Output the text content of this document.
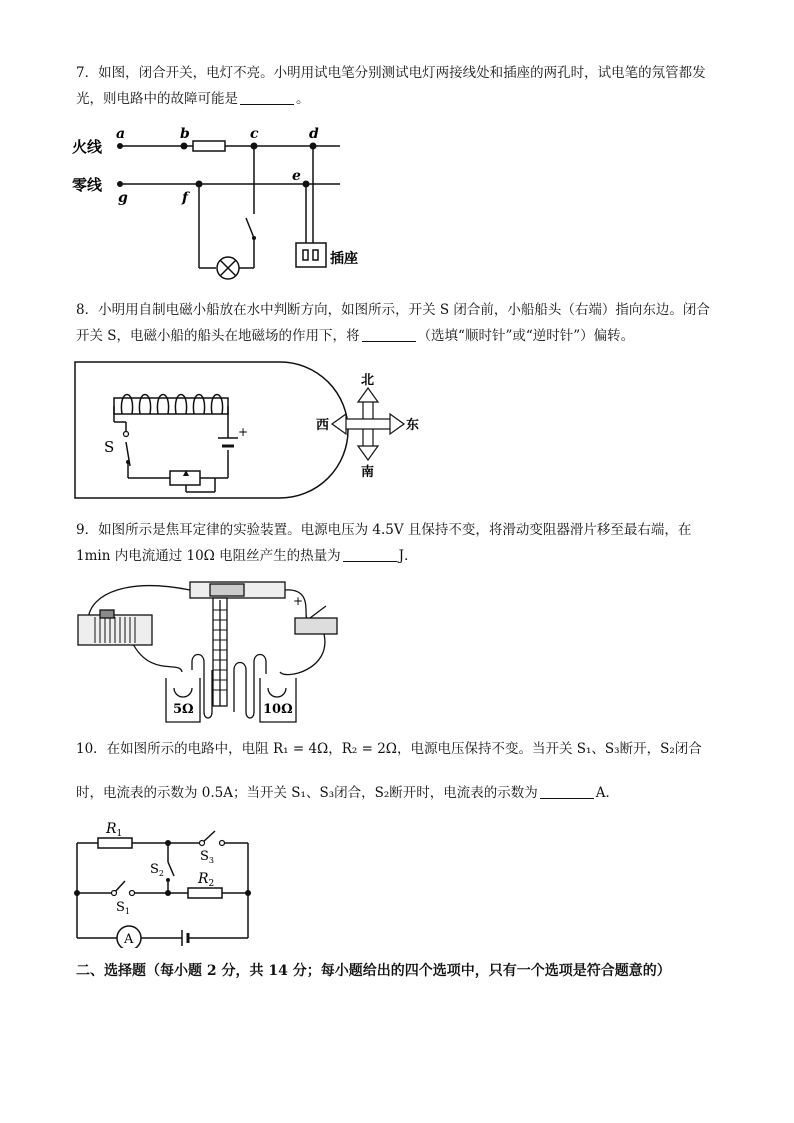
7．如图，闭合开关，电灯不亮。小明用试电笔分别测试电灯两接线处和插座的两孔时，试电笔的氖管都发光，则电路中的故障可能是	。
火线
零线
a	b	c	d
e
f
g
插座
8．小明用自制电磁小船放在水中判断方向，如图所示，开关 S 闭合前，小船船头（右端）指向东边。闭合开关 S，电磁小船的船头在地磁场的作用下，将	（选填“顺时针”或“逆时针”）偏转。
S
+
北
南
东
西
9．如图所示是焦耳定律的实验装置。电源电压为 4.5V 且保持不变，将滑动变阻器滑片移至最右端，在 1min 内电流通过 10Ω 电阻丝产生的热量为	J．
+
5Ω	10Ω
10．在如图所示的电路中，电阻 R₁ = 4Ω，R₂ = 2Ω，电源电压保持不变。当开关 S₁、S₃断开，S₂闭合
时，电流表的示数为 0.5A；当开关 S₁、S₃闭合，S₂断开时，电流表的示数为	A．
$R_1$
$R_2$
$S_3$
$S_2$
$S_1$
A
二、选择题（每小题 2 分，共 14 分；每小题给出的四个选项中，只有一个选项是符合题意的）
